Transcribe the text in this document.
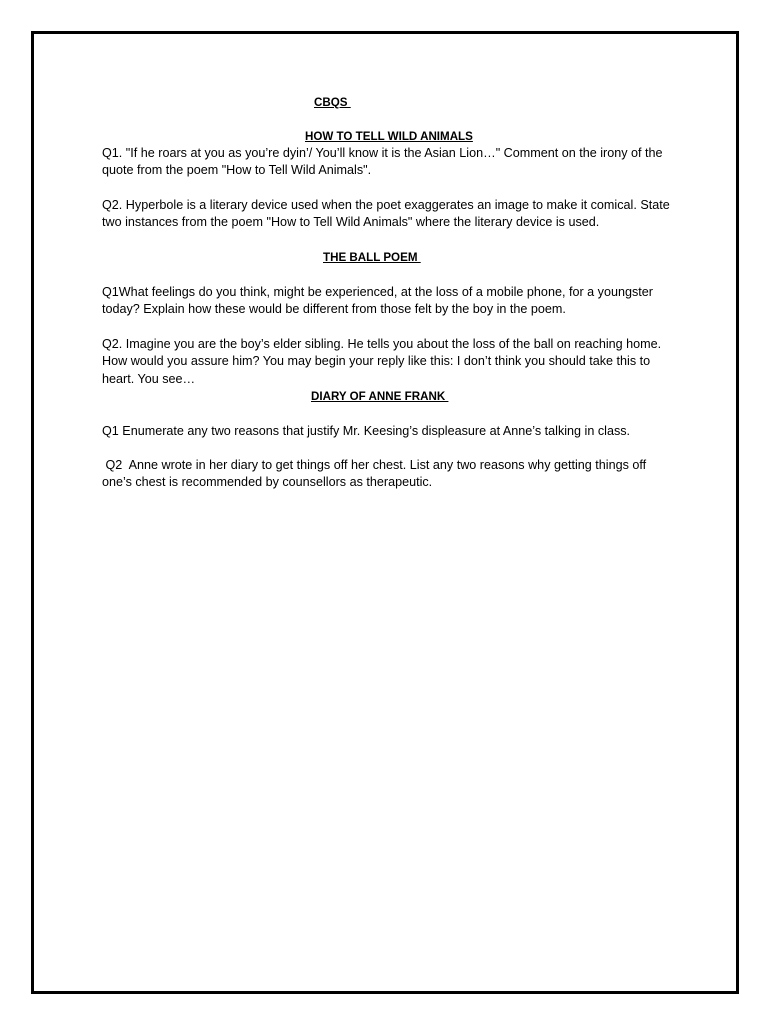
CBQS
HOW TO TELL WILD ANIMALS
Q1. "If he roars at you as you’re dyin’/ You’ll know it is the Asian Lion…" Comment on the irony of the quote from the poem "How to Tell Wild Animals".
Q2. Hyperbole is a literary device used when the poet exaggerates an image to make it comical. State two instances from the poem "How to Tell Wild Animals" where the literary device is used.
THE BALL POEM
Q1What feelings do you think, might be experienced, at the loss of a mobile phone, for a youngster today? Explain how these would be different from those felt by the boy in the poem.
Q2. Imagine you are the boy’s elder sibling. He tells you about the loss of the ball on reaching home. How would you assure him? You may begin your reply like this: I don’t think you should take this to heart. You see…
DIARY OF ANNE FRANK
Q1 Enumerate any two reasons that justify Mr. Keesing’s displeasure at Anne’s talking in class.
Q2  Anne wrote in her diary to get things off her chest. List any two reasons why getting things off one’s chest is recommended by counsellors as therapeutic.
